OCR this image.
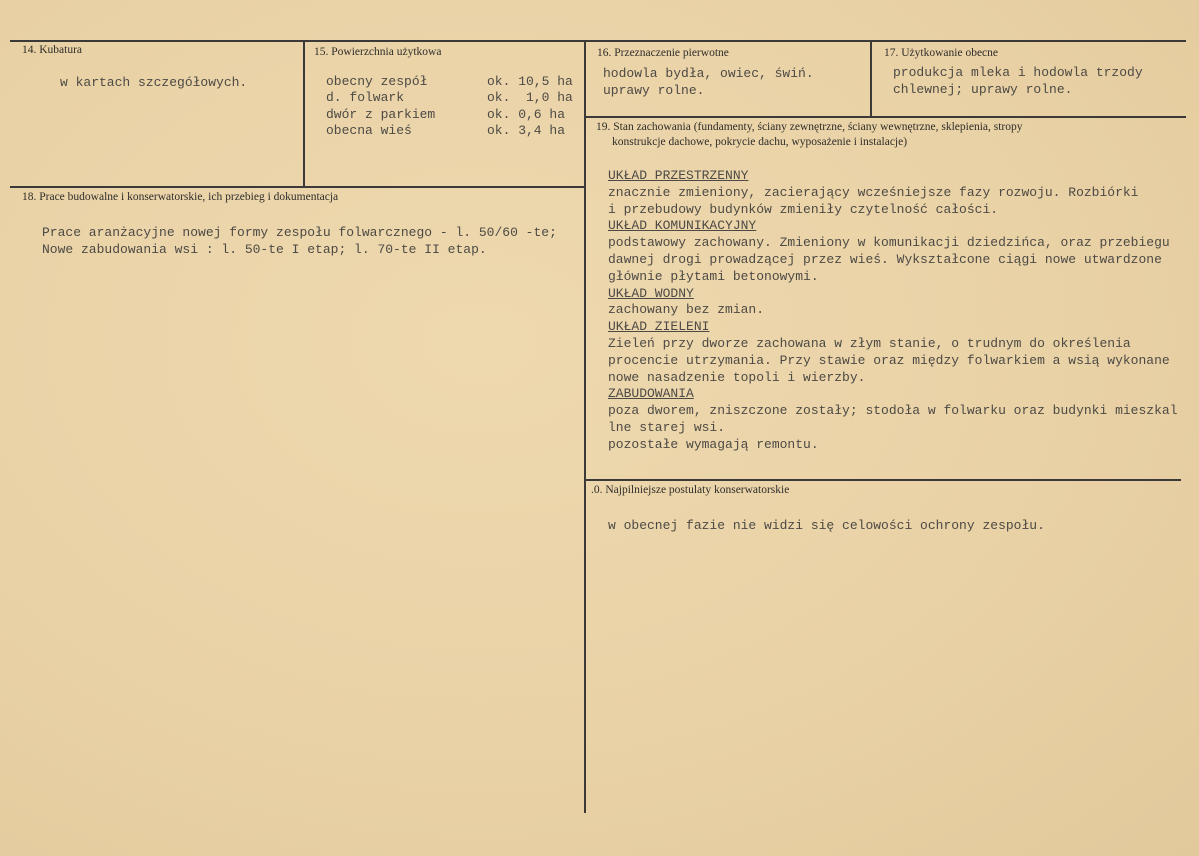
14. Kubatura
w kartach szczegółowych.
15. Powierzchnia użytkowa
obecny zespół	ok. 10,5 ha
d. folwark	ok.  1,0 ha
dwór z parkiem	ok. 0,6 ha
obecna wieś	ok. 3,4 ha
16. Przeznaczenie pierwotne
hodowla bydła, owiec, świń.
uprawy rolne.
17. Użytkowanie obecne
produkcja mleka i hodowla trzody
chlewnej; uprawy rolne.
18. Prace budowalne i konserwatorskie, ich przebieg i dokumentacja
Prace aranżacyjne nowej formy zespołu folwarcznego - l. 50/60 -te;
Nowe zabudowania wsi : l. 50-te I etap; l. 70-te II etap.
19. Stan zachowania (fundamenty, ściany zewnętrzne, ściany wewnętrzne, sklepienia, stropy
konstrukcje dachowe, pokrycie dachu, wyposażenie i instalacje)
UKŁAD PRZESTRZENNY
znacznie zmieniony, zacierający wcześniejsze fazy rozwoju. Rozbiórki
i przebudowy budynków zmieniły czytelność całości.
UKŁAD KOMUNIKACYJNY
podstawowy zachowany. Zmieniony w komunikacji dziedzińca, oraz przebiegu
dawnej drogi prowadzącej przez wieś. Wykształcone ciągi nowe utwardzone
głównie płytami betonowymi.
UKŁAD WODNY
zachowany bez zmian.
UKŁAD ZIELENI
Zieleń przy dworze zachowana w złym stanie, o trudnym do określenia
procencie utrzymania. Przy stawie oraz między folwarkiem a wsią wykonane
nowe nasadzenie topoli i wierzby.
ZABUDOWANIA
poza dworem, zniszczone zostały; stodoła w folwarku oraz budynki mieszkal
lne starej wsi.
pozostałe wymagają remontu.
.0. Najpilniejsze postulaty konserwatorskie
w obecnej fazie nie widzi się celowości ochrony zespołu.
